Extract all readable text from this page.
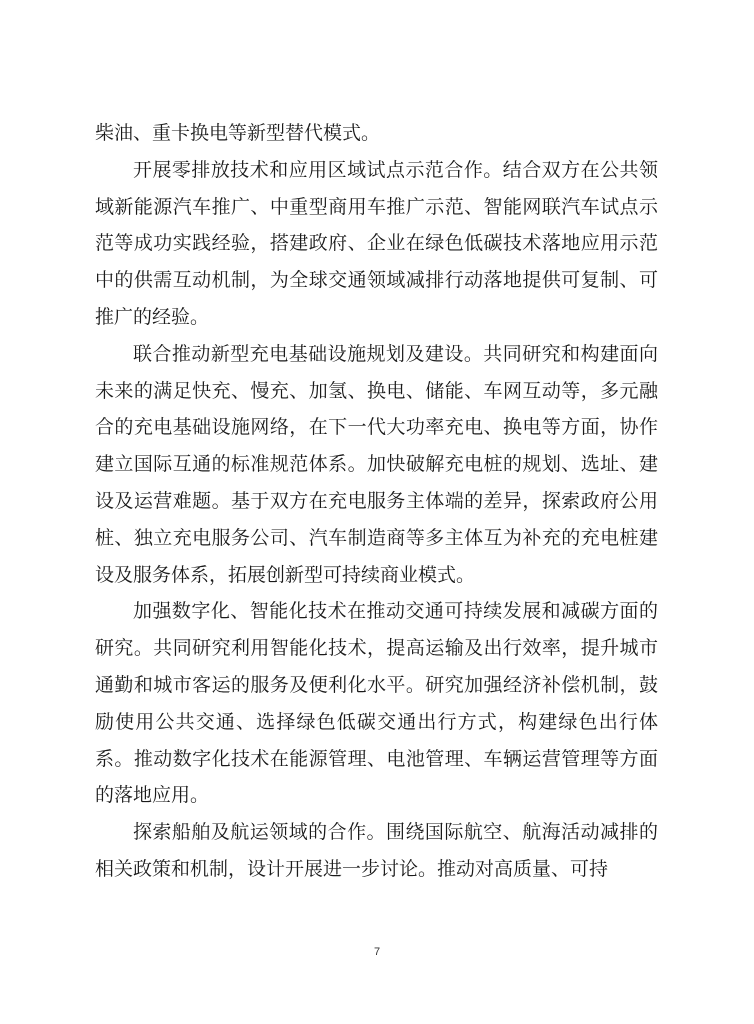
柴油、重卡换电等新型替代模式。

开展零排放技术和应用区域试点示范合作。结合双方在公共领域新能源汽车推广、中重型商用车推广示范、智能网联汽车试点示范等成功实践经验，搭建政府、企业在绿色低碳技术落地应用示范中的供需互动机制，为全球交通领域减排行动落地提供可复制、可推广的经验。

联合推动新型充电基础设施规划及建设。共同研究和构建面向未来的满足快充、慢充、加氢、换电、储能、车网互动等，多元融合的充电基础设施网络，在下一代大功率充电、换电等方面，协作建立国际互通的标准规范体系。加快破解充电桩的规划、选址、建设及运营难题。基于双方在充电服务主体端的差异，探索政府公用桩、独立充电服务公司、汽车制造商等多主体互为补充的充电桩建设及服务体系，拓展创新型可持续商业模式。

加强数字化、智能化技术在推动交通可持续发展和减碳方面的研究。共同研究利用智能化技术，提高运输及出行效率，提升城市通勤和城市客运的服务及便利化水平。研究加强经济补偿机制，鼓励使用公共交通、选择绿色低碳交通出行方式，构建绿色出行体系。推动数字化技术在能源管理、电池管理、车辆运营管理等方面的落地应用。

探索船舶及航运领域的合作。围绕国际航空、航海活动减排的相关政策和机制，设计开展进一步讨论。推动对高质量、可持

7
